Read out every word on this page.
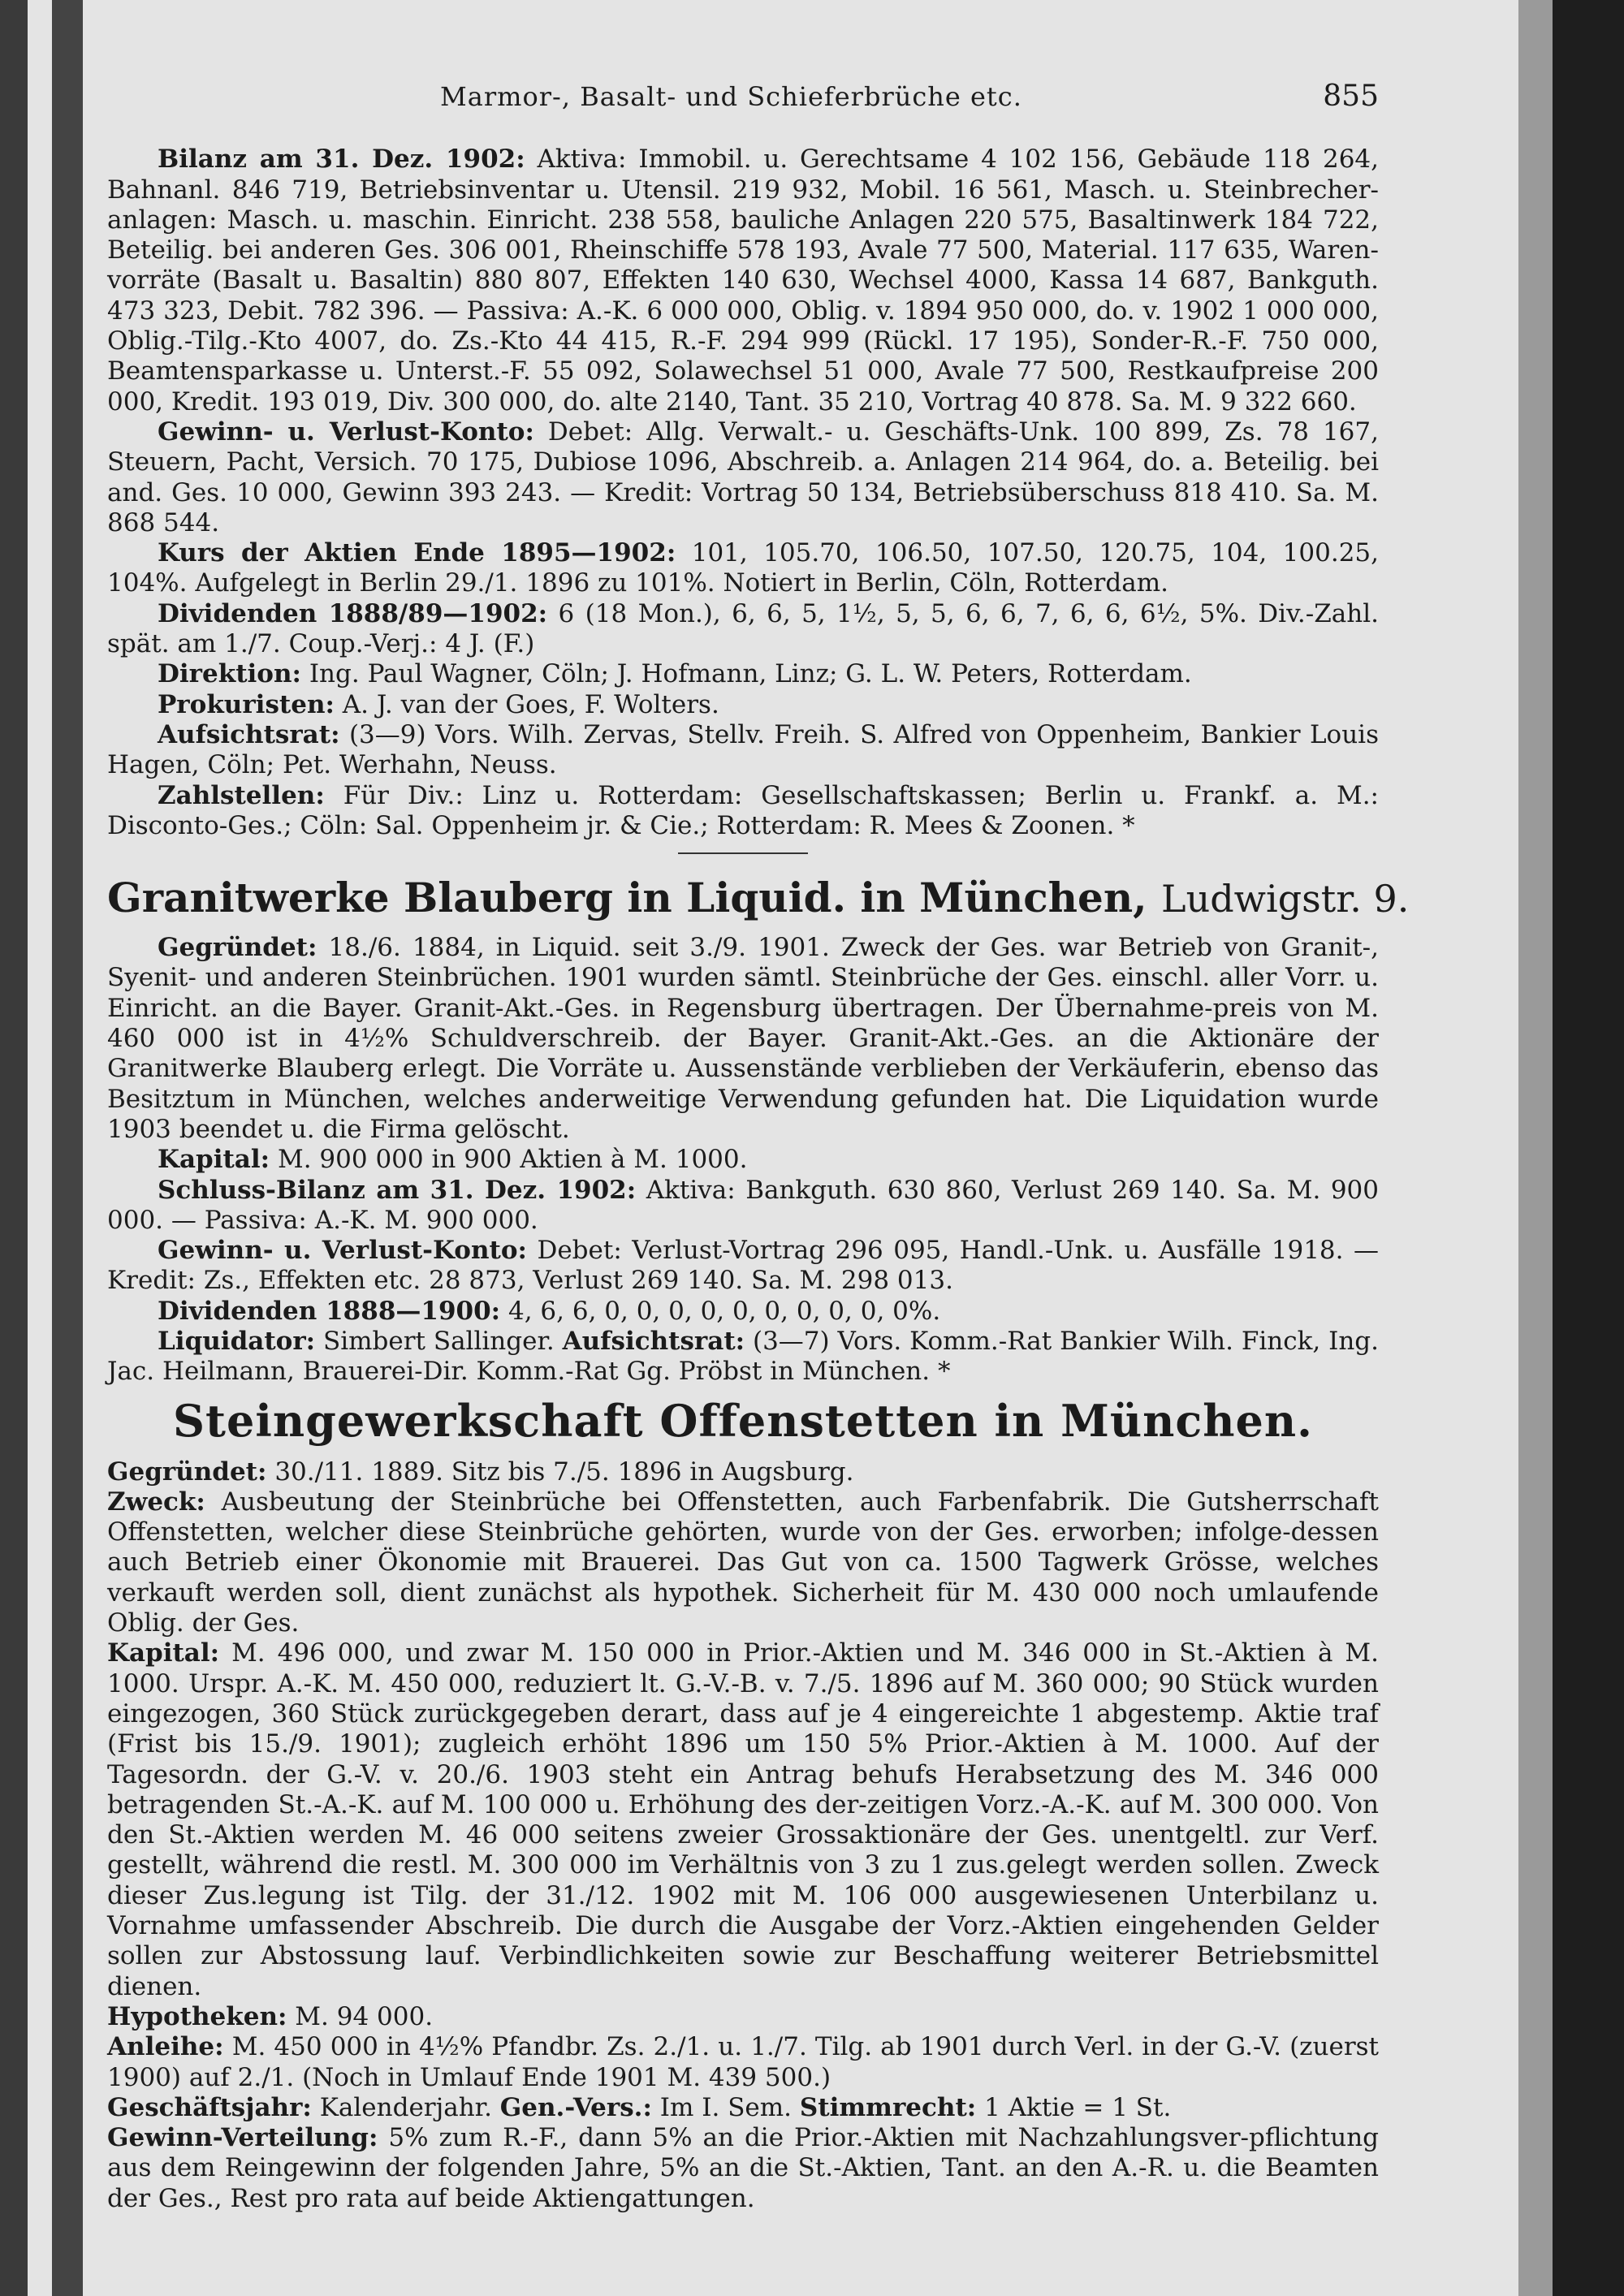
Marmor-, Basalt- und Schieferbrüche etc.	855

Bilanz am 31. Dez. 1902: Aktiva: Immobil. u. Gerechtsame 4 102 156, Gebäude 118 264, Bahnanl. 846 719, Betriebsinventar u. Utensil. 219 932, Mobil. 16 561, Masch. u. Steinbrecher-anlagen: Masch. u. maschin. Einricht. 238 558, bauliche Anlagen 220 575, Basaltinwerk 184 722, Beteilig. bei anderen Ges. 306 001, Rheinschiffe 578 193, Avale 77 500, Material. 117 635, Waren-vorräte (Basalt u. Basaltin) 880 807, Effekten 140 630, Wechsel 4000, Kassa 14 687, Bankguth. 473 323, Debit. 782 396. — Passiva: A.-K. 6 000 000, Oblig. v. 1894 950 000, do. v. 1902 1 000 000, Oblig.-Tilg.-Kto 4007, do. Zs.-Kto 44 415, R.-F. 294 999 (Rückl. 17 195), Sonder-R.-F. 750 000, Beamtensparkasse u. Unterst.-F. 55 092, Solawechsel 51 000, Avale 77 500, Restkaufpreise 200 000, Kredit. 193 019, Div. 300 000, do. alte 2140, Tant. 35 210, Vortrag 40 878. Sa. M. 9 322 660.

Gewinn- u. Verlust-Konto: Debet: Allg. Verwalt.- u. Geschäfts-Unk. 100 899, Zs. 78 167, Steuern, Pacht, Versich. 70 175, Dubiose 1096, Abschreib. a. Anlagen 214 964, do. a. Beteilig. bei and. Ges. 10 000, Gewinn 393 243. — Kredit: Vortrag 50 134, Betriebsüberschuss 818 410. Sa. M. 868 544.

Kurs der Aktien Ende 1895—1902: 101, 105.70, 106.50, 107.50, 120.75, 104, 100.25, 104%. Aufgelegt in Berlin 29./1. 1896 zu 101%. Notiert in Berlin, Cöln, Rotterdam.

Dividenden 1888/89—1902: 6 (18 Mon.), 6, 6, 5, 1½, 5, 5, 6, 6, 7, 6, 6, 6½, 5%. Div.-Zahl. spät. am 1./7. Coup.-Verj.: 4 J. (F.)

Direktion: Ing. Paul Wagner, Cöln; J. Hofmann, Linz; G. L. W. Peters, Rotterdam.

Prokuristen: A. J. van der Goes, F. Wolters.

Aufsichtsrat: (3—9) Vors. Wilh. Zervas, Stellv. Freih. S. Alfred von Oppenheim, Bankier Louis Hagen, Cöln; Pet. Werhahn, Neuss.

Zahlstellen: Für Div.: Linz u. Rotterdam: Gesellschaftskassen; Berlin u. Frankf. a. M.: Disconto-Ges.; Cöln: Sal. Oppenheim jr. & Cie.; Rotterdam: R. Mees & Zoonen. *

Granitwerke Blauberg in Liquid. in München, Ludwigstr. 9.

Gegründet: 18./6. 1884, in Liquid. seit 3./9. 1901. Zweck der Ges. war Betrieb von Granit-, Syenit- und anderen Steinbrüchen. 1901 wurden sämtl. Steinbrüche der Ges. einschl. aller Vorr. u. Einricht. an die Bayer. Granit-Akt.-Ges. in Regensburg übertragen. Der Übernahme-preis von M. 460 000 ist in 4½% Schuldverschreib. der Bayer. Granit-Akt.-Ges. an die Aktionäre der Granitwerke Blauberg erlegt. Die Vorräte u. Aussenstände verblieben der Verkäuferin, ebenso das Besitztum in München, welches anderweitige Verwendung gefunden hat. Die Liquidation wurde 1903 beendet u. die Firma gelöscht.

Kapital: M. 900 000 in 900 Aktien à M. 1000.

Schluss-Bilanz am 31. Dez. 1902: Aktiva: Bankguth. 630 860, Verlust 269 140. Sa. M. 900 000. — Passiva: A.-K. M. 900 000.

Gewinn- u. Verlust-Konto: Debet: Verlust-Vortrag 296 095, Handl.-Unk. u. Ausfälle 1918. — Kredit: Zs., Effekten etc. 28 873, Verlust 269 140. Sa. M. 298 013.

Dividenden 1888—1900: 4, 6, 6, 0, 0, 0, 0, 0, 0, 0, 0, 0, 0%.

Liquidator: Simbert Sallinger. Aufsichtsrat: (3—7) Vors. Komm.-Rat Bankier Wilh. Finck, Ing. Jac. Heilmann, Brauerei-Dir. Komm.-Rat Gg. Pröbst in München. *

Steingewerkschaft Offenstetten in München.

Gegründet: 30./11. 1889. Sitz bis 7./5. 1896 in Augsburg.

Zweck: Ausbeutung der Steinbrüche bei Offenstetten, auch Farbenfabrik. Die Gutsherrschaft Offenstetten, welcher diese Steinbrüche gehörten, wurde von der Ges. erworben; infolge-dessen auch Betrieb einer Ökonomie mit Brauerei. Das Gut von ca. 1500 Tagwerk Grösse, welches verkauft werden soll, dient zunächst als hypothek. Sicherheit für M. 430 000 noch umlaufende Oblig. der Ges.

Kapital: M. 496 000, und zwar M. 150 000 in Prior.-Aktien und M. 346 000 in St.-Aktien à M. 1000. Urspr. A.-K. M. 450 000, reduziert lt. G.-V.-B. v. 7./5. 1896 auf M. 360 000; 90 Stück wurden eingezogen, 360 Stück zurückgegeben derart, dass auf je 4 eingereichte 1 abgestemp. Aktie traf (Frist bis 15./9. 1901); zugleich erhöht 1896 um 150 5% Prior.-Aktien à M. 1000. Auf der Tagesordn. der G.-V. v. 20./6. 1903 steht ein Antrag behufs Herabsetzung des M. 346 000 betragenden St.-A.-K. auf M. 100 000 u. Erhöhung des der-zeitigen Vorz.-A.-K. auf M. 300 000. Von den St.-Aktien werden M. 46 000 seitens zweier Grossaktionäre der Ges. unentgeltl. zur Verf. gestellt, während die restl. M. 300 000 im Verhältnis von 3 zu 1 zus.gelegt werden sollen. Zweck dieser Zus.legung ist Tilg. der 31./12. 1902 mit M. 106 000 ausgewiesenen Unterbilanz u. Vornahme umfassender Abschreib. Die durch die Ausgabe der Vorz.-Aktien eingehenden Gelder sollen zur Abstossung lauf. Verbindlichkeiten sowie zur Beschaffung weiterer Betriebsmittel dienen.

Hypotheken: M. 94 000.

Anleihe: M. 450 000 in 4½% Pfandbr. Zs. 2./1. u. 1./7. Tilg. ab 1901 durch Verl. in der G.-V. (zuerst 1900) auf 2./1. (Noch in Umlauf Ende 1901 M. 439 500.)

Geschäftsjahr: Kalenderjahr. Gen.-Vers.: Im I. Sem. Stimmrecht: 1 Aktie = 1 St.

Gewinn-Verteilung: 5% zum R.-F., dann 5% an die Prior.-Aktien mit Nachzahlungsver-pflichtung aus dem Reingewinn der folgenden Jahre, 5% an die St.-Aktien, Tant. an den A.-R. u. die Beamten der Ges., Rest pro rata auf beide Aktiengattungen.
